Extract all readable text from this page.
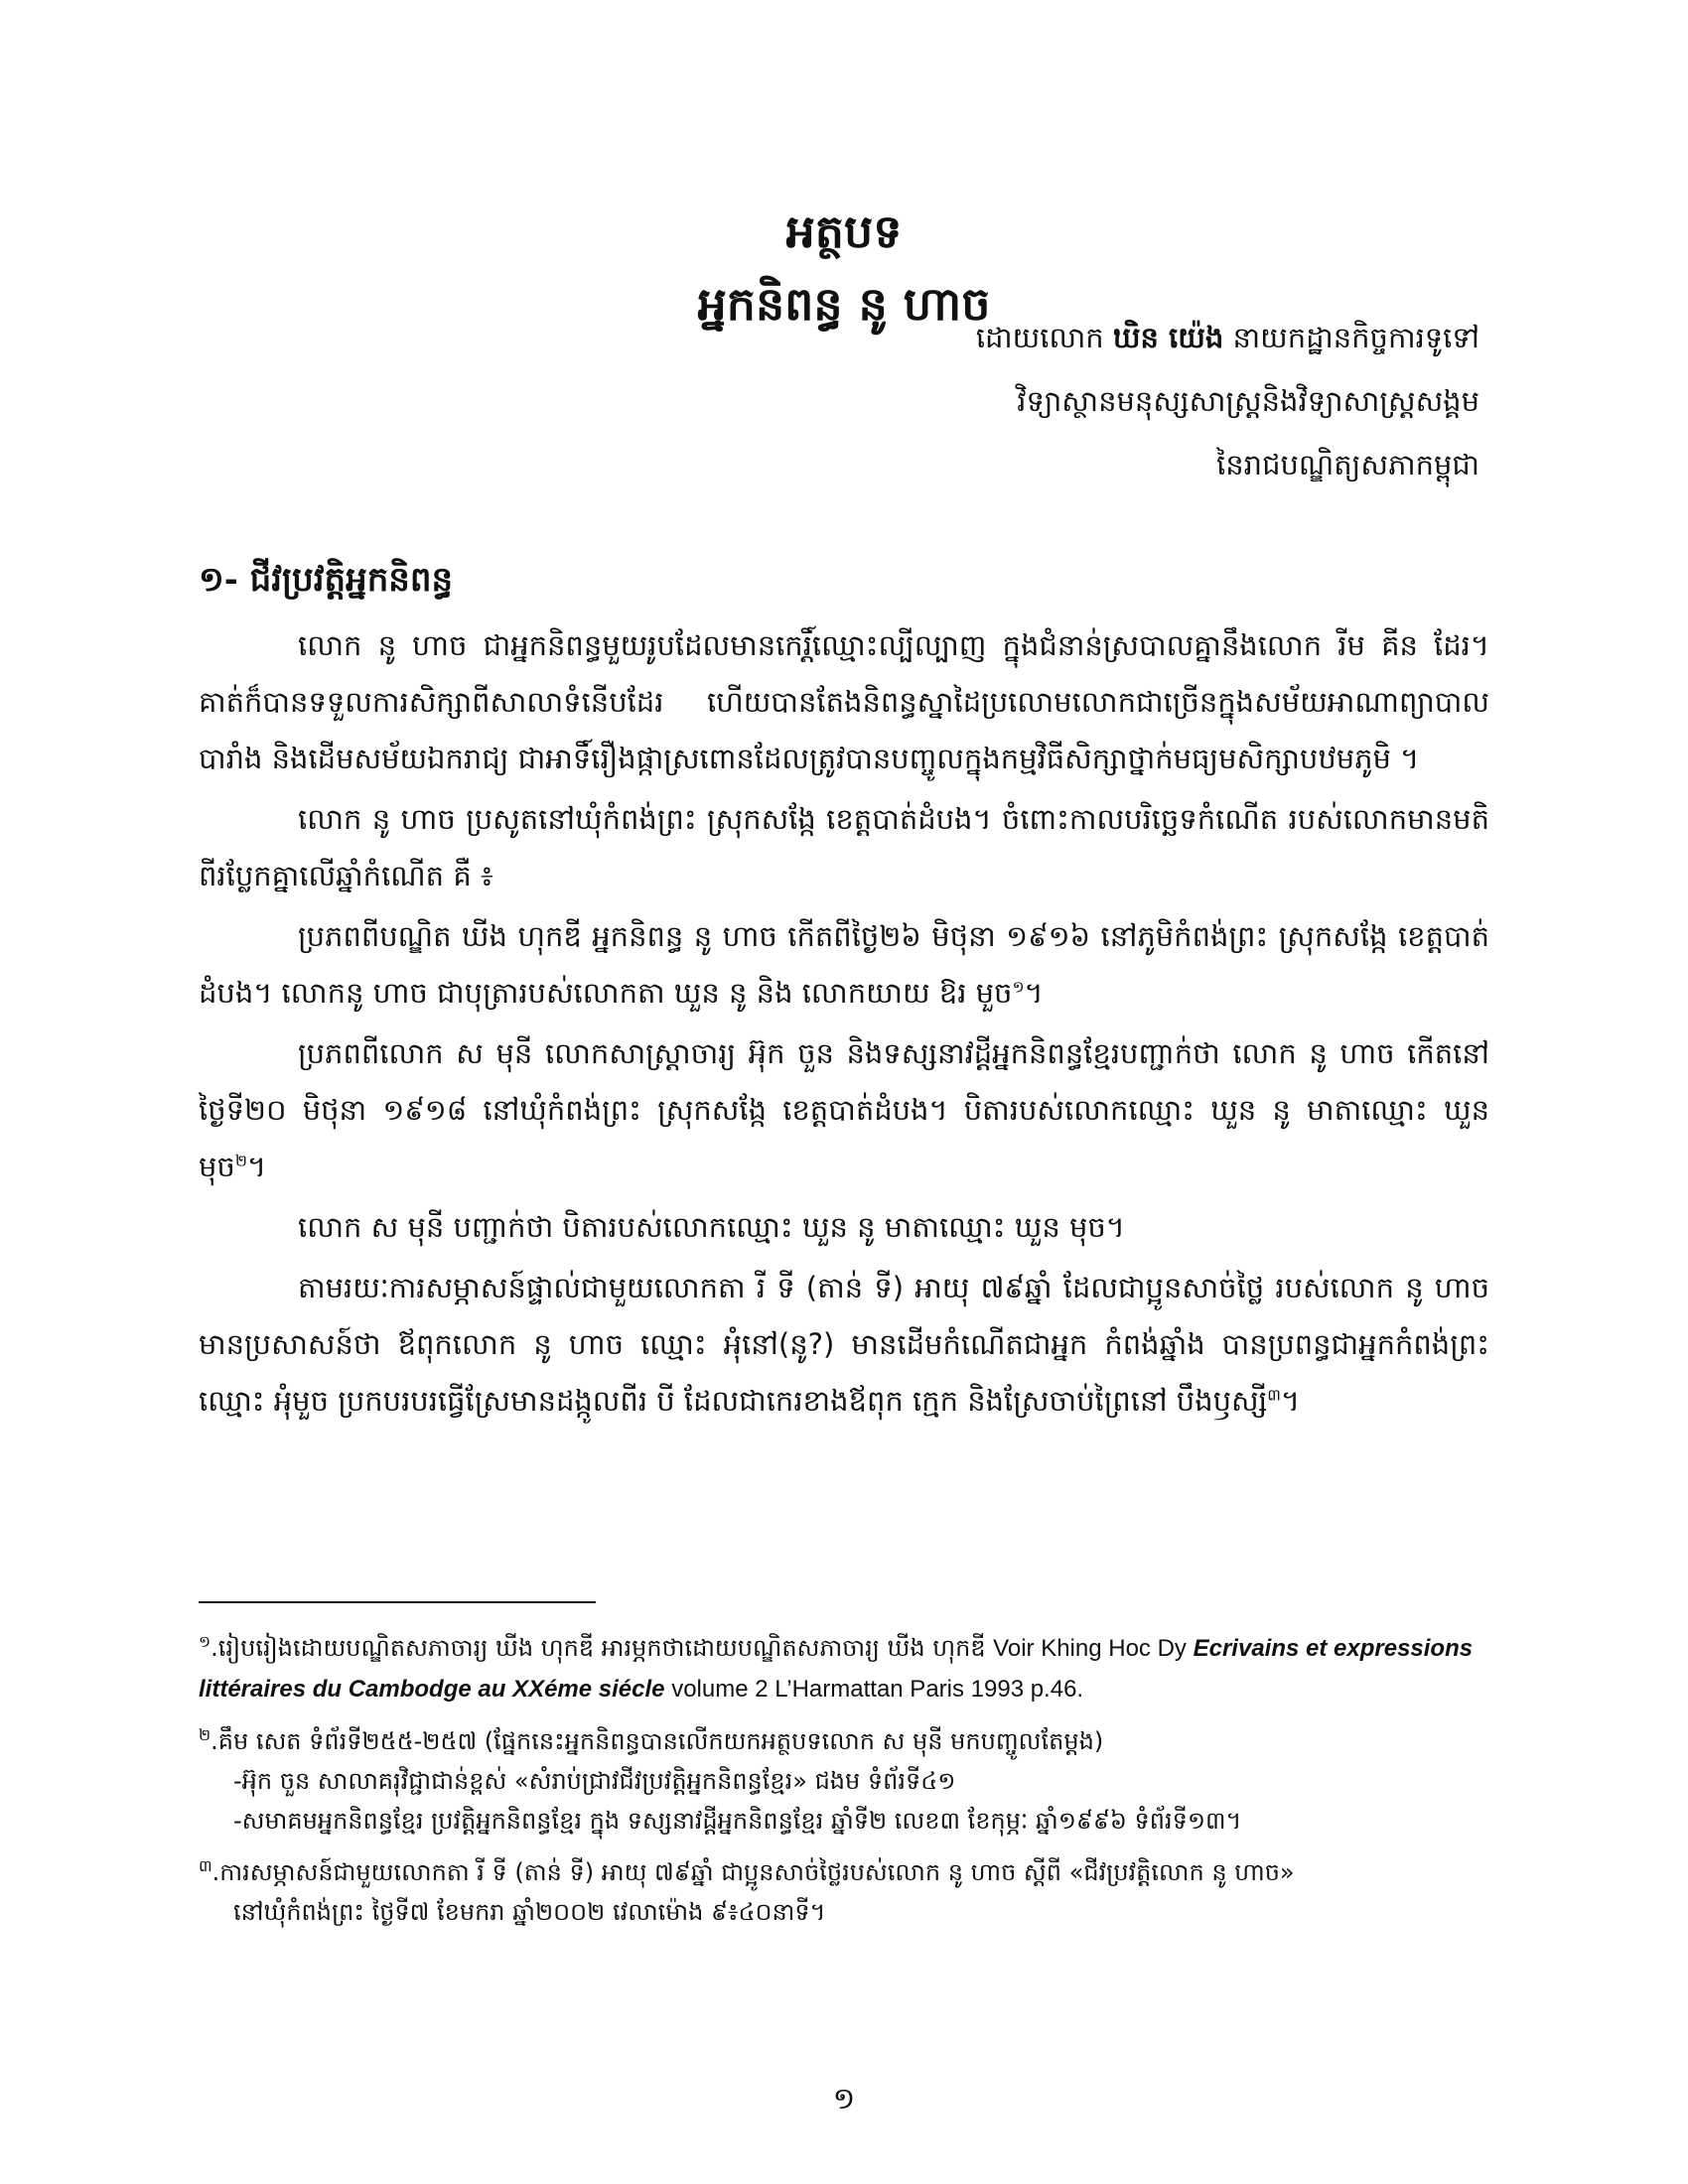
អត្ថបទ
អ្នកនិពន្ធ នូ ហាច
ដោយលោក ឃិន យ៉េង នាយកដ្ឋានកិច្ចការទូទៅ
វិទ្យាស្ថានមនុស្សសាស្ត្រនិងវិទ្យាសាស្ត្រសង្គម
នៃរាជបណ្ឌិត្យសភាកម្ពុជា
១- ជីវប្រវត្តិអ្នកនិពន្ធ

លោក នូ ហាច ជាអ្នកនិពន្ធមួយរូបដែលមានកេរ្តិ៍ឈ្មោះល្បីល្បាញ ក្នុងជំនាន់ស្របាលគ្នានឹងលោក រីម គីន ដែរ។ គាត់ក៏បានទទួលការសិក្សាពីសាលាទំនើបដែរ ហើយបានតែងនិពន្ធស្នាដៃប្រលោមលោកជាច្រើនក្នុងសម័យអាណាព្យាបាលបារាំង និងដើមសម័យឯករាជ្យ ជាអាទិ៍រឿងផ្កាស្រពោនដែលត្រូវបានបញ្ចូលក្នុងកម្មវិធីសិក្សាថ្នាក់មធ្យមសិក្សាបឋមភូមិ ។

លោក នូ ហាច ប្រសូតនៅឃុំកំពង់ព្រះ ស្រុកសង្កែ ខេត្តបាត់ដំបង។ ចំពោះកាលបរិច្ឆេទកំណើត របស់លោកមានមតិពីរប្លែកគ្នាលើឆ្នាំកំណើត គឺ ៖

ប្រភពពីបណ្ឌិត ឃីង ហុកឌី អ្នកនិពន្ធ នូ ហាច កើតពីថ្ងៃ២៦ មិថុនា ១៩១៦ នៅភូមិកំពង់ព្រះ ស្រុកសង្កែ ខេត្តបាត់ដំបង។ លោកនូ ហាច ជាបុត្រារបស់លោកតា ឃួន នូ និង លោកយាយ ឱរ មួច$^១$។

ប្រភពពីលោក ស មុនី លោកសាស្ត្រាចារ្យ អ៊ុក ចួន និងទស្សនាវដ្តីអ្នកនិពន្ធខ្មែរបញ្ជាក់ថា លោក នូ ហាច កើតនៅថ្ងៃទី២០ មិថុនា ១៩១៨ នៅឃុំកំពង់ព្រះ ស្រុកសង្កែ ខេត្តបាត់ដំបង។ បិតារបស់លោកឈ្មោះ ឃួន នូ មាតាឈ្មោះ ឃួន មុច$^២$។

លោក ស មុនី បញ្ជាក់ថា បិតារបស់លោកឈ្មោះ ឃួន នូ មាតាឈ្មោះ ឃួន មុច។

តាមរយៈការសម្ភាសន៍ផ្ទាល់ជាមួយលោកតា រី ទី (តាន់ ទី) អាយុ ៧៩ឆ្នាំ ដែលជាប្អូនសាច់ថ្លៃ របស់លោក នូ ហាច មានប្រសាសន៍ថា ឪពុកលោក នូ ហាច ឈ្មោះ អុំនៅ(នូ?) មានដើមកំណើតជាអ្នក កំពង់ឆ្នាំង បានប្រពន្ធជាអ្នកកំពង់ព្រះ ឈ្មោះ អុំមួច ប្រកបរបរធ្វើស្រែមានដង្កូលពីរ បី ដែលជាកេរខាងឪពុក ក្មេក និងស្រែចាប់ព្រៃនៅ បឹងឫស្សី$^៣$។

$^១$.រៀបរៀងដោយបណ្ឌិតសភាចារ្យ ឃីង ហុកឌី អារម្ភកថាដោយបណ្ឌិតសភាចារ្យ ឃីង ហុកឌី Voir Khing Hoc Dy Ecrivains et expressions littéraires du Cambodge au XXéme siécle volume 2 L’Harmattan Paris 1993 p.46.
$^២$.គឹម សេត ទំព័រទី២៥៥-២៥៧ (ផ្នែកនេះអ្នកនិពន្ធបានលើកយកអត្ថបទលោក ស មុនី មកបញ្ចូលតែម្តង)
-អ៊ុក ចួន សាលាគរុវិជ្ជាជាន់ខ្ពស់ «សំរាប់ជ្រាវជីវប្រវត្តិអ្នកនិពន្ធខ្មែរ» ជងម ទំព័រទី៤១
-សមាគមអ្នកនិពន្ធខ្មែរ ប្រវត្តិអ្នកនិពន្ធខ្មែរ ក្នុង ទស្សនាវដ្តីអ្នកនិពន្ធខ្មែរ ឆ្នាំទី២ លេខ៣ ខែកុម្ភៈ ឆ្នាំ១៩៩៦ ទំព័រទី១៣។
$^៣$.ការសម្ភាសន៍ជាមួយលោកតា រី ទី (តាន់ ទី) អាយុ ៧៩ឆ្នាំ ជាប្អូនសាច់ថ្លៃរបស់លោក នូ ហាច ស្តីពី «ជីវប្រវត្តិលោក នូ ហាច»
នៅឃុំកំពង់ព្រះ ថ្ងៃទី៧ ខែមករា ឆ្នាំ២០០២ វេលាម៉ោង ៩៖៤០នាទី។
១
